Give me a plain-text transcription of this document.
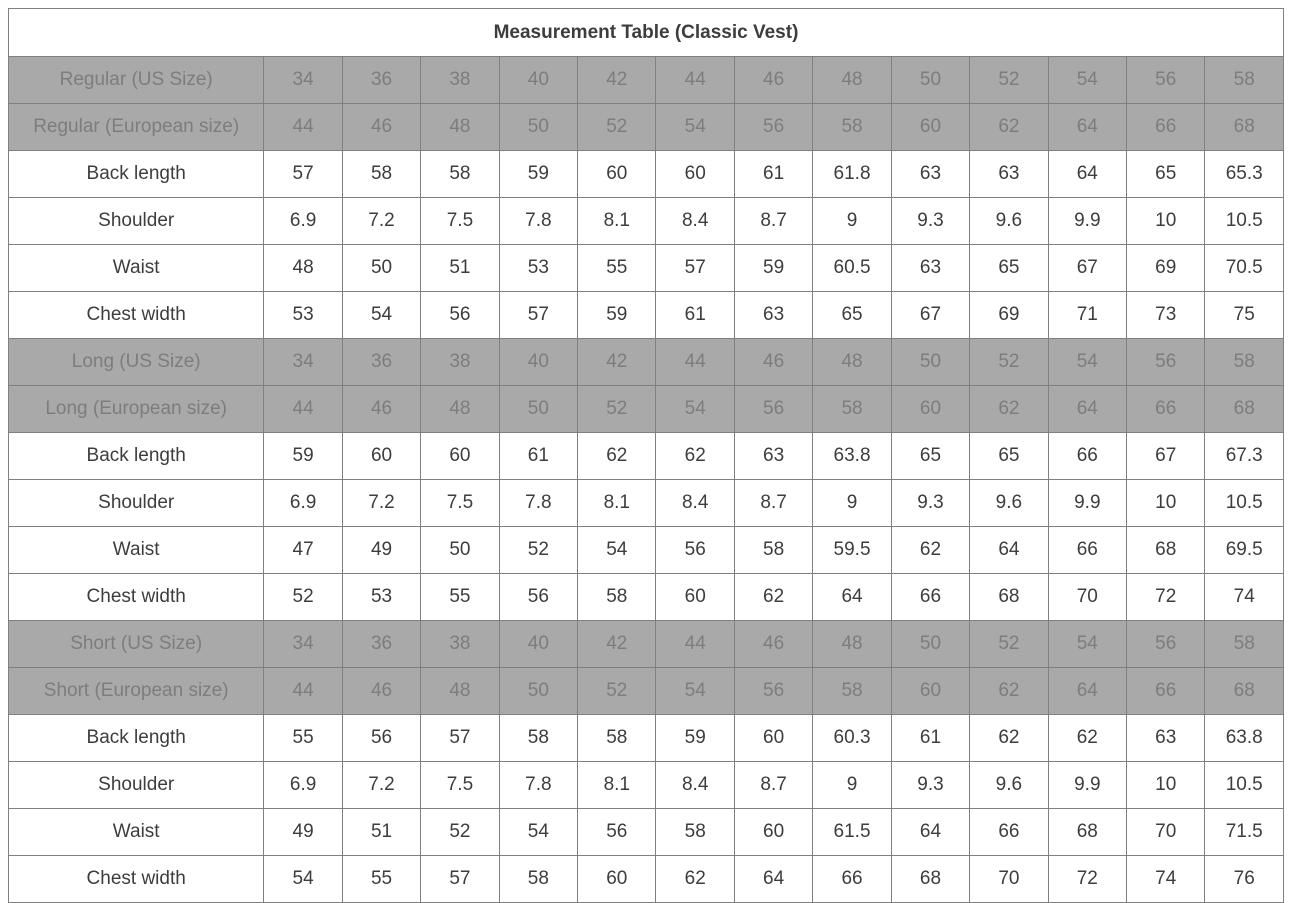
Measurement Table (Classic Vest)													
Regular (US Size)	34	36	38	40	42	44	46	48	50	52	54	56	58
Regular (European size)	44	46	48	50	52	54	56	58	60	62	64	66	68
Back length	57	58	58	59	60	60	61	61.8	63	63	64	65	65.3
Shoulder	6.9	7.2	7.5	7.8	8.1	8.4	8.7	9	9.3	9.6	9.9	10	10.5
Waist	48	50	51	53	55	57	59	60.5	63	65	67	69	70.5
Chest width	53	54	56	57	59	61	63	65	67	69	71	73	75
Long (US Size)	34	36	38	40	42	44	46	48	50	52	54	56	58
Long (European size)	44	46	48	50	52	54	56	58	60	62	64	66	68
Back length	59	60	60	61	62	62	63	63.8	65	65	66	67	67.3
Shoulder	6.9	7.2	7.5	7.8	8.1	8.4	8.7	9	9.3	9.6	9.9	10	10.5
Waist	47	49	50	52	54	56	58	59.5	62	64	66	68	69.5
Chest width	52	53	55	56	58	60	62	64	66	68	70	72	74
Short (US Size)	34	36	38	40	42	44	46	48	50	52	54	56	58
Short (European size)	44	46	48	50	52	54	56	58	60	62	64	66	68
Back length	55	56	57	58	58	59	60	60.3	61	62	62	63	63.8
Shoulder	6.9	7.2	7.5	7.8	8.1	8.4	8.7	9	9.3	9.6	9.9	10	10.5
Waist	49	51	52	54	56	58	60	61.5	64	66	68	70	71.5
Chest width	54	55	57	58	60	62	64	66	68	70	72	74	76
